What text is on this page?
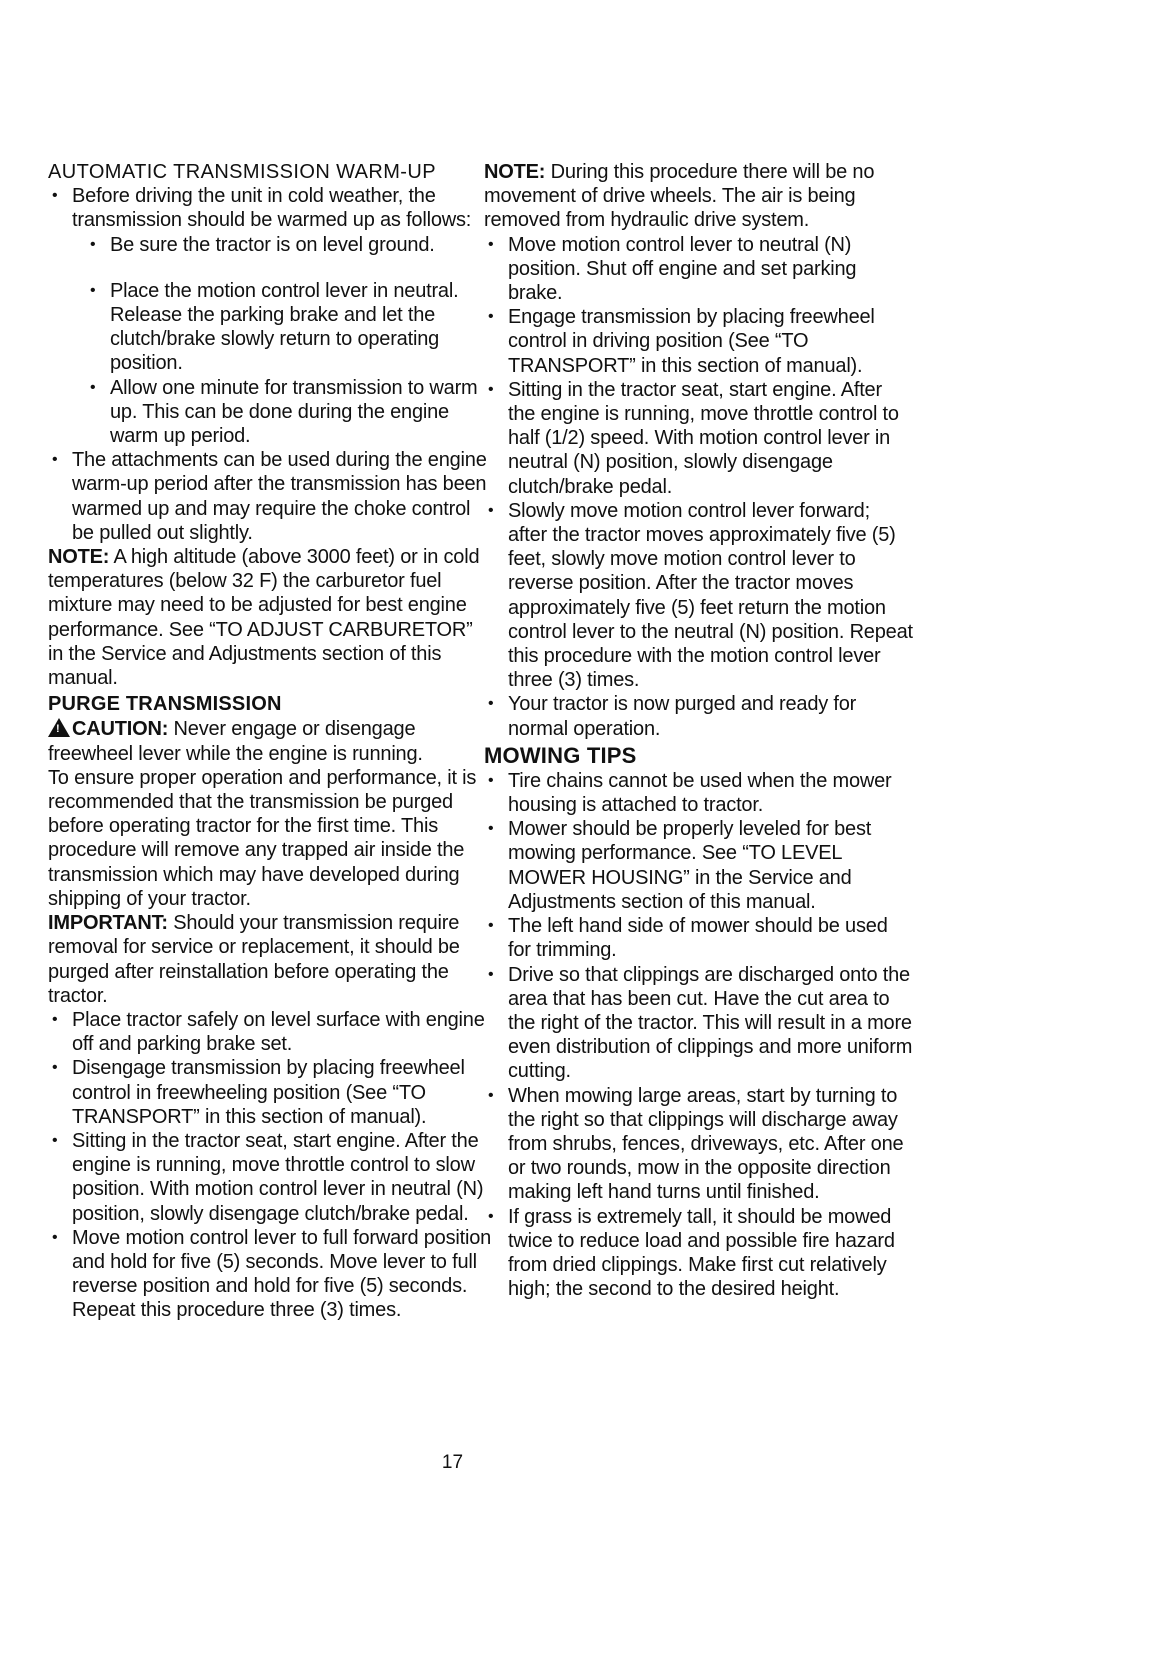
AUTOMATIC TRANSMISSION WARM-UP

• Before driving the unit in cold weather, the transmission should be warmed up as follows:
• Be sure the tractor is on level ground.
• Place the motion control lever in neutral. Release the parking brake and let the clutch/brake slowly return to operating position.
• Allow one minute for transmission to warm up. This can be done during the engine warm up period.
• The attachments can be used during the engine warm-up period after the transmission has been warmed up and may require the choke control be pulled out slightly.

NOTE: A high altitude (above 3000 feet) or in cold temperatures (below 32 F) the carburetor fuel mixture may need to be adjusted for best engine performance. See “TO ADJUST CARBURETOR” in the Service and Adjustments section of this manual.

PURGE TRANSMISSION

! CAUTION: Never engage or disengage freewheel lever while the engine is running.

To ensure proper operation and performance, it is recommended that the transmission be purged before operating tractor for the first time. This procedure will remove any trapped air inside the transmission which may have developed during shipping of your tractor.

IMPORTANT: Should your transmission require removal for service or replacement, it should be purged after reinstallation before operating the tractor.

• Place tractor safely on level surface with engine off and parking brake set.
• Disengage transmission by placing freewheel control in freewheeling position (See “TO TRANSPORT” in this section of manual).
• Sitting in the tractor seat, start engine. After the engine is running, move throttle control to slow position. With motion control lever in neutral (N) position, slowly disengage clutch/brake pedal.
• Move motion control lever to full forward position and hold for five (5) seconds. Move lever to full reverse position and hold for five (5) seconds. Repeat this procedure three (3) times.

NOTE: During this procedure there will be no movement of drive wheels. The air is being removed from hydraulic drive system.

• Move motion control lever to neutral (N) position. Shut off engine and set parking brake.
• Engage transmission by placing freewheel control in driving position (See “TO TRANSPORT” in this section of manual).
• Sitting in the tractor seat, start engine. After the engine is running, move throttle control to half (1/2) speed. With motion control lever in neutral (N) position, slowly disengage clutch/brake pedal.
• Slowly move motion control lever forward; after the tractor moves approximately five (5) feet, slowly move motion control lever to reverse position. After the tractor moves approximately five (5) feet return the motion control lever to the neutral (N) position. Repeat this procedure with the motion control lever three (3) times.
• Your tractor is now purged and ready for normal operation.

MOWING TIPS

• Tire chains cannot be used when the mower housing is attached to tractor.
• Mower should be properly leveled for best mowing performance. See “TO LEVEL MOWER HOUSING” in the Service and Adjustments section of this manual.
• The left hand side of mower should be used for trimming.
• Drive so that clippings are discharged onto the area that has been cut. Have the cut area to the right of the tractor. This will result in a more even distribution of clippings and more uniform cutting.
• When mowing large areas, start by turning to the right so that clippings will discharge away from shrubs, fences, driveways, etc. After one or two rounds, mow in the opposite direction making left hand turns until finished.
• If grass is extremely tall, it should be mowed twice to reduce load and possible fire hazard from dried clippings. Make first cut relatively high; the second to the desired height.
17
